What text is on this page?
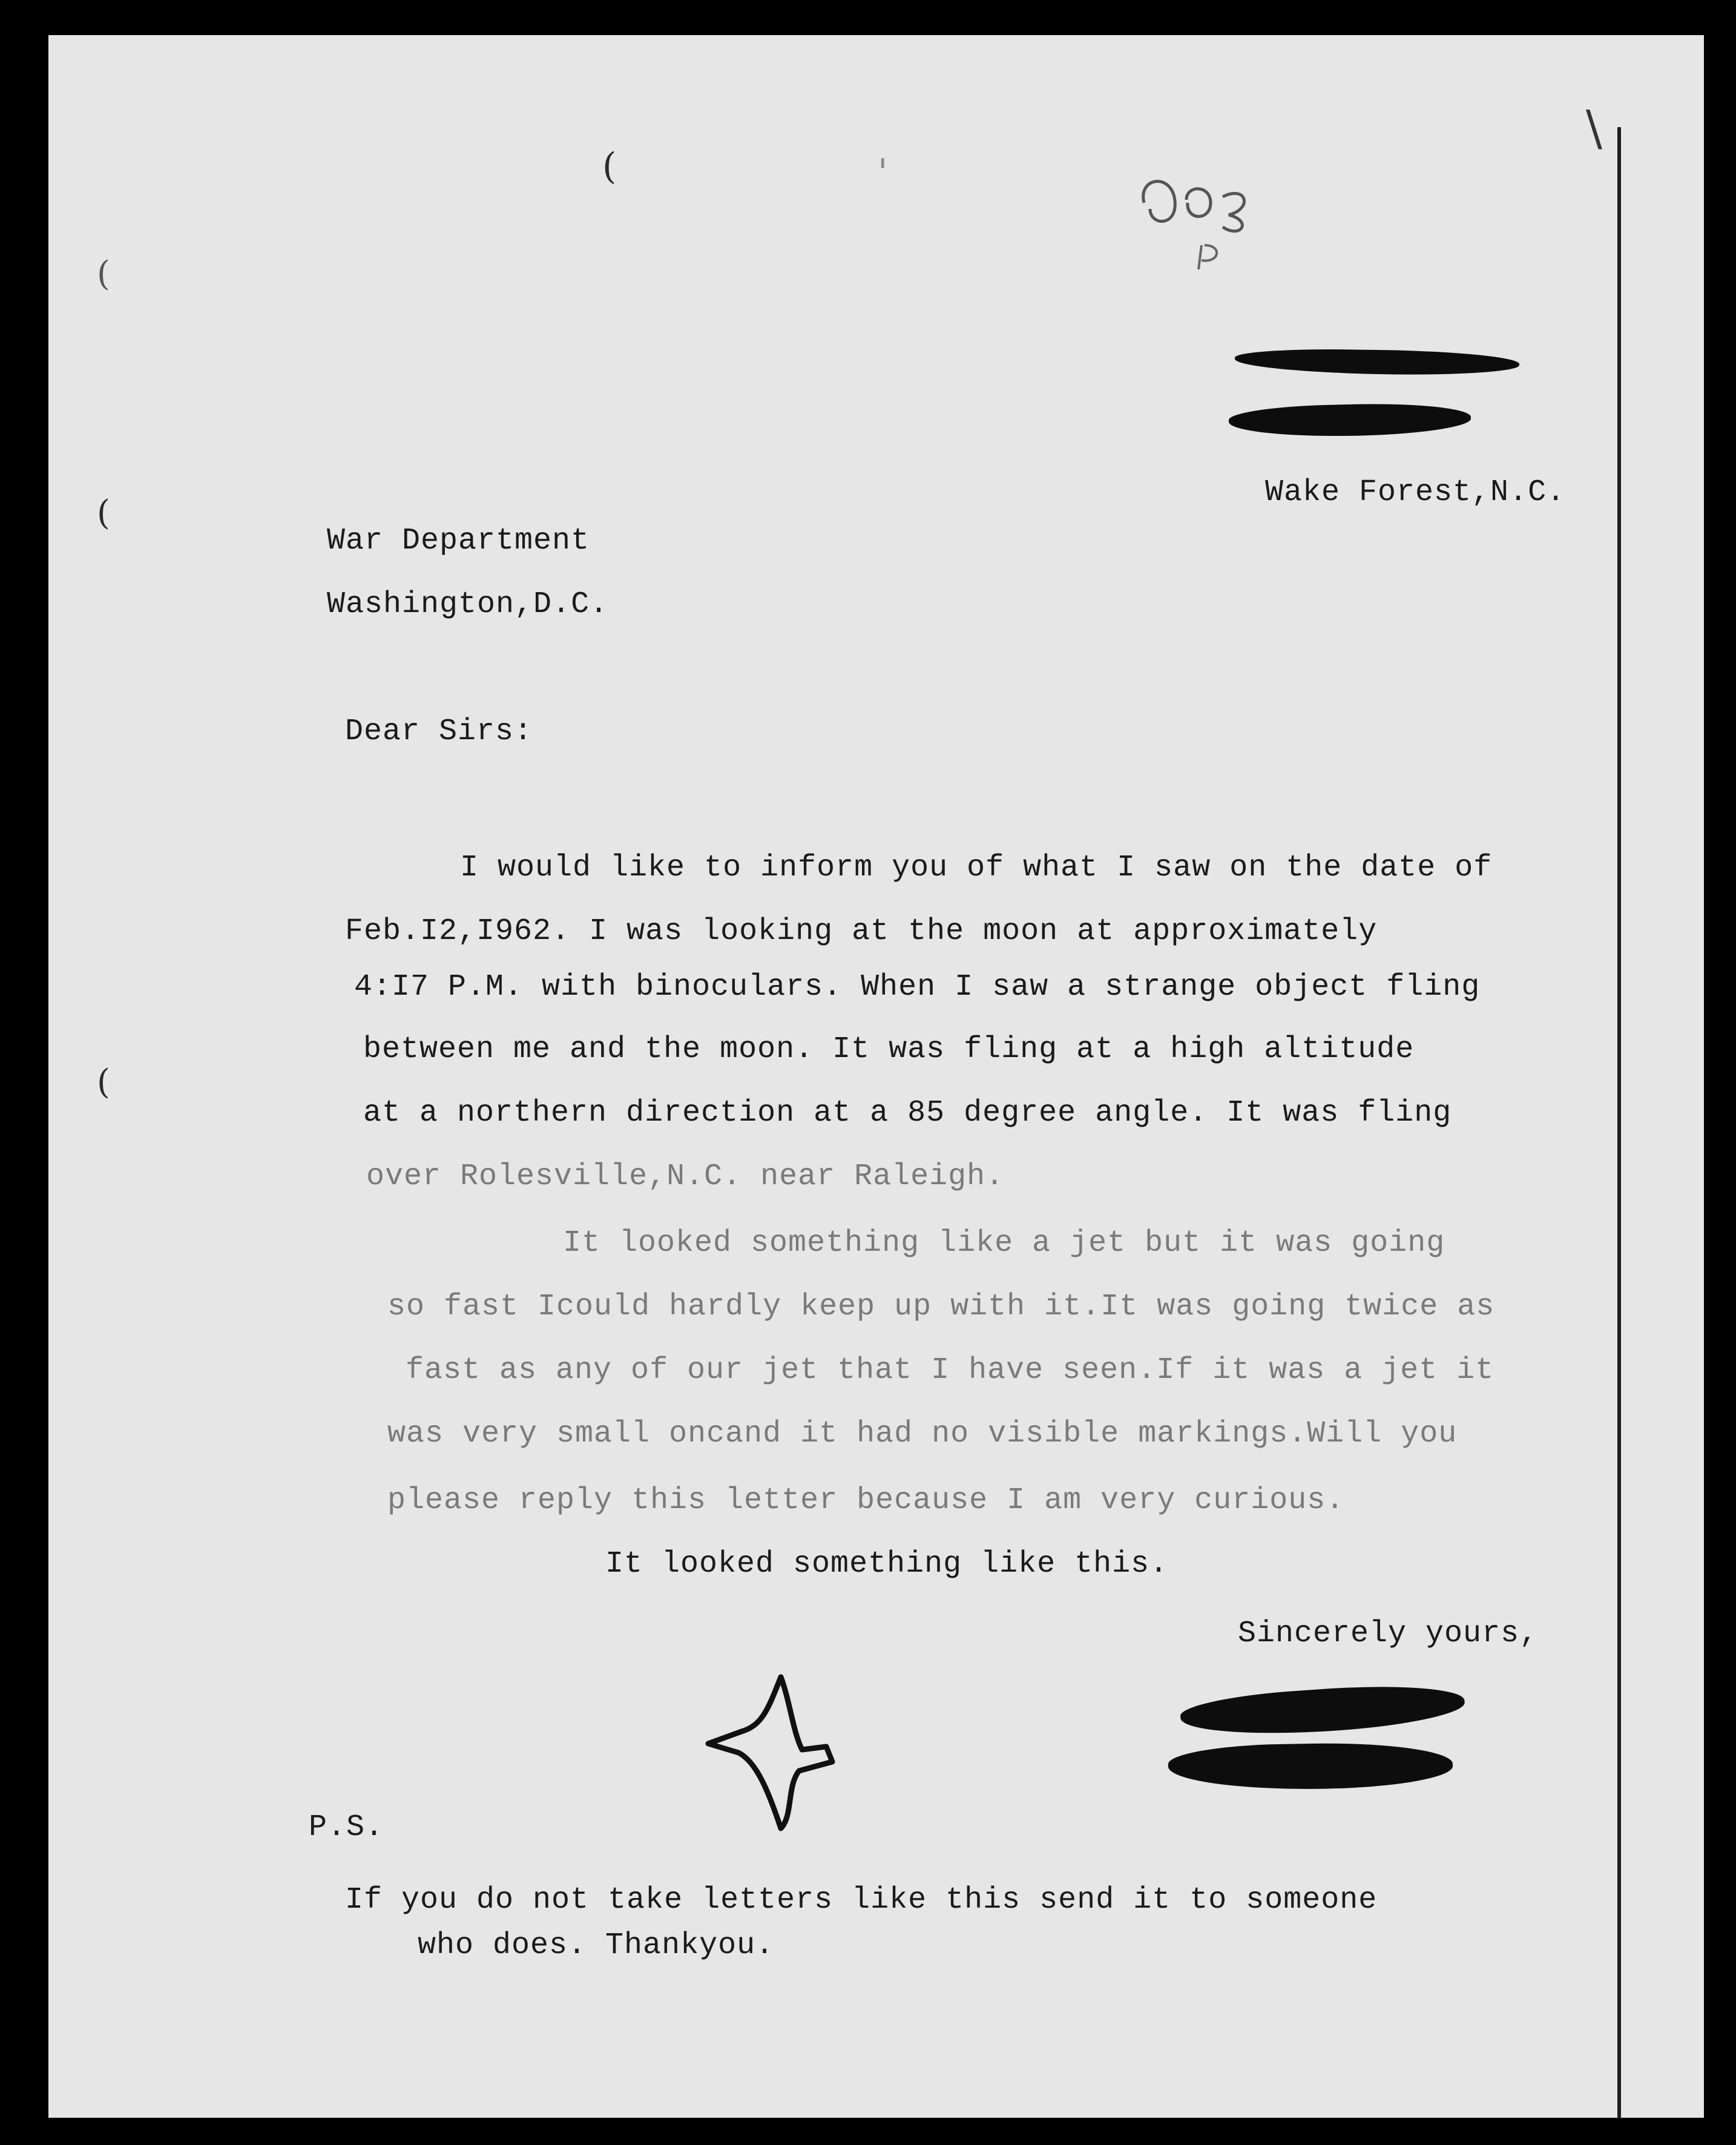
(
(
(
(
\
'
Wake Forest,N.C.
War Department
Washington,D.C.
Dear Sirs:
I would like to inform you of what I saw on the date of
Feb.I2,I962. I was looking at the moon at approximately
4:I7 P.M. with binoculars. When I saw a strange object fling
between me and the moon. It was fling at a high altitude
at a northern direction at a 85 degree angle. It was fling
over Rolesville,N.C. near Raleigh.
It looked something like a jet but it was going
so fast Icould hardly keep up with it.It was going twice as
fast as any of our jet that I have seen.If it was a jet it
was very small oncand it had no visible markings.Will you
please reply this letter because I am very curious.
It looked something like this.
Sincerely yours,
P.S.
If you do not take letters like this send it to someone
who does. Thankyou.
